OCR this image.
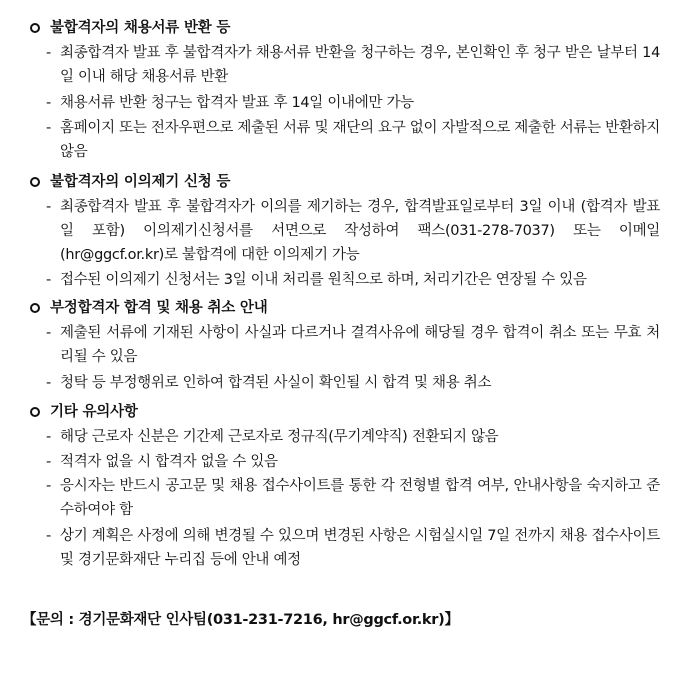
불합격자의 채용서류 반환 등
- 최종합격자 발표 후 불합격자가 채용서류 반환을 청구하는 경우, 본인확인 후 청구 받은 날부터 14일 이내 해당 채용서류 반환
- 채용서류 반환 청구는 합격자 발표 후 14일 이내에만 가능
- 홈페이지 또는 전자우편으로 제출된 서류 및 재단의 요구 없이 자발적으로 제출한 서류는 반환하지 않음
불합격자의 이의제기 신청 등
- 최종합격자 발표 후 불합격자가 이의를 제기하는 경우, 합격발표일로부터 3일 이내 (합격자 발표일 포함) 이의제기신청서를 서면으로 작성하여 팩스(031-278-7037) 또는 이메일(hr@ggcf.or.kr)로 불합격에 대한 이의제기 가능
- 접수된 이의제기 신청서는 3일 이내 처리를 원칙으로 하며, 처리기간은 연장될 수 있음
부정합격자 합격 및 채용 취소 안내
- 제출된 서류에 기재된 사항이 사실과 다르거나 결격사유에 해당될 경우 합격이 취소 또는 무효 처리될 수 있음
- 청탁 등 부정행위로 인하여 합격된 사실이 확인될 시 합격 및 채용 취소
기타 유의사항
- 해당 근로자 신분은 기간제 근로자로 정규직(무기계약직) 전환되지 않음
- 적격자 없을 시 합격자 없을 수 있음
- 응시자는 반드시 공고문 및 채용 접수사이트를 통한 각 전형별 합격 여부, 안내사항을 숙지하고 준수하여야 함
- 상기 계획은 사정에 의해 변경될 수 있으며 변경된 사항은 시험실시일 7일 전까지 채용 접수사이트 및 경기문화재단 누리집 등에 안내 예정
【문의 : 경기문화재단 인사팀(031-231-7216, hr@ggcf.or.kr)】
